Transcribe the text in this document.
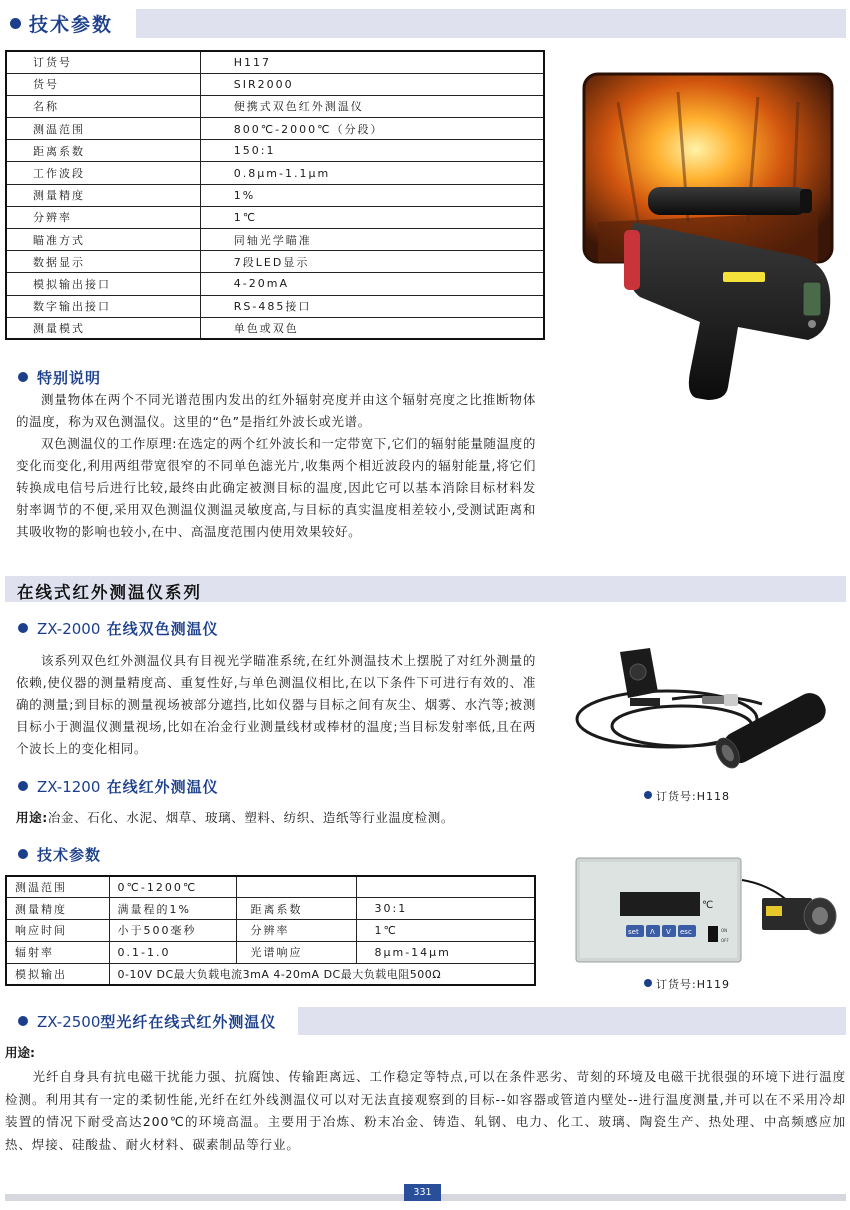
技术参数
订货号	H117
货号	SIR2000
名称	便携式双色红外测温仪
测温范围	800℃-2000℃（分段）
距离系数	150:1
工作波段	0.8μm-1.1μm
测量精度	1%
分辨率	1℃
瞄准方式	同轴光学瞄准
数据显示	7段LED显示
模拟输出接口	4-20mA
数字输出接口	RS-485接口
测量模式	单色或双色
特别说明

测量物体在两个不同光谱范围内发出的红外辐射亮度并由这个辐射亮度之比推断物体的温度，称为双色测温仪。这里的“色”是指红外波长或光谱。

双色测温仪的工作原理:在选定的两个红外波长和一定带宽下,它们的辐射能量随温度的变化而变化,利用两组带宽很窄的不同单色滤光片,收集两个相近波段内的辐射能量,将它们转换成电信号后进行比较,最终由此确定被测目标的温度,因此它可以基本消除目标材料发射率调节的不便,采用双色测温仪测温灵敏度高,与目标的真实温度相差较小,受测试距离和其吸收物的影响也较小,在中、高温度范围内使用效果较好。

在线式红外测温仪系列
ZX-2000 在线双色测温仪

该系列双色红外测温仪具有目视光学瞄准系统,在红外测温技术上摆脱了对红外测量的依赖,使仪器的测量精度高、重复性好,与单色测温仪相比,在以下条件下可进行有效的、准确的测量;到目标的测量视场被部分遮挡,比如仪器与目标之间有灰尘、烟雾、水汽等;被测目标小于测温仪测量视场,比如在冶金行业测量线材或棒材的温度;当目标发射率低,且在两个波长上的变化相同。

订货号:H118
ZX-1200 在线红外测温仪
用途:冶金、石化、水泥、烟草、玻璃、塑料、纺织、造纸等行业温度检测。
技术参数
测温范围	0℃-1200℃		
测量精度	满量程的1%	距离系数	30:1
响应时间	小于500毫秒	分辨率	1℃
辐射率	0.1-1.0	光谱响应	8μm-14μm
模拟输出	0-10V DC最大负载电流3mA 4-20mA DC最大负载电阻500Ω		
℃
set Λ V esc	ON
OFF
订货号:H119
ZX-2500型光纤在线式红外测温仪
用途:

光纤自身具有抗电磁干扰能力强、抗腐蚀、传输距离远、工作稳定等特点,可以在条件恶劣、苛刻的环境及电磁干扰很强的环境下进行温度检测。利用其有一定的柔韧性能,光纤在红外线测温仪可以对无法直接观察到的目标--如容器或管道内壁处--进行温度测量,并可以在不采用冷却装置的情况下耐受高达200℃的环境高温。主要用于冶炼、粉末冶金、铸造、轧钢、电力、化工、玻璃、陶瓷生产、热处理、中高频感应加热、焊接、硅酸盐、耐火材料、碳素制品等行业。

331
